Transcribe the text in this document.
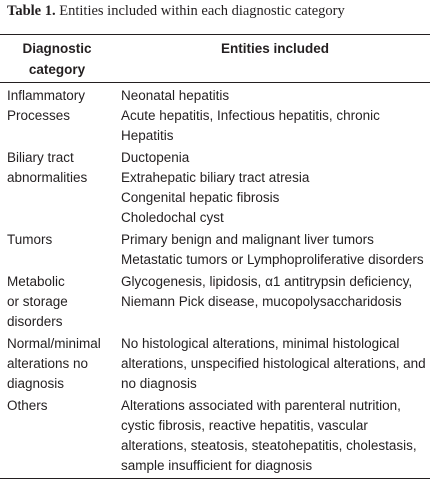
Table 1. Entities included within each diagnostic category
Diagnostic
category
Entities included
Inflammatory
Processes
Neonatal hepatitis
Acute hepatitis, Infectious hepatitis, chronic
Hepatitis
Biliary tract
abnormalities
Ductopenia
Extrahepatic biliary tract atresia
Congenital hepatic fibrosis
Choledochal cyst
Tumors	Primary benign and malignant liver tumors
Metastatic tumors or Lymphoproliferative disorders
Metabolic
or storage
disorders
Glycogenesis, lipidosis, α1 antitrypsin deficiency,
Niemann Pick disease, mucopolysaccharidosis
Normal/minimal
alterations no
diagnosis
No histological alterations, minimal histological
alterations, unspecified histological alterations, and
no diagnosis
Others	Alterations associated with parenteral nutrition,
cystic fibrosis, reactive hepatitis, vascular
alterations, steatosis, steatohepatitis, cholestasis,
sample insufficient for diagnosis
